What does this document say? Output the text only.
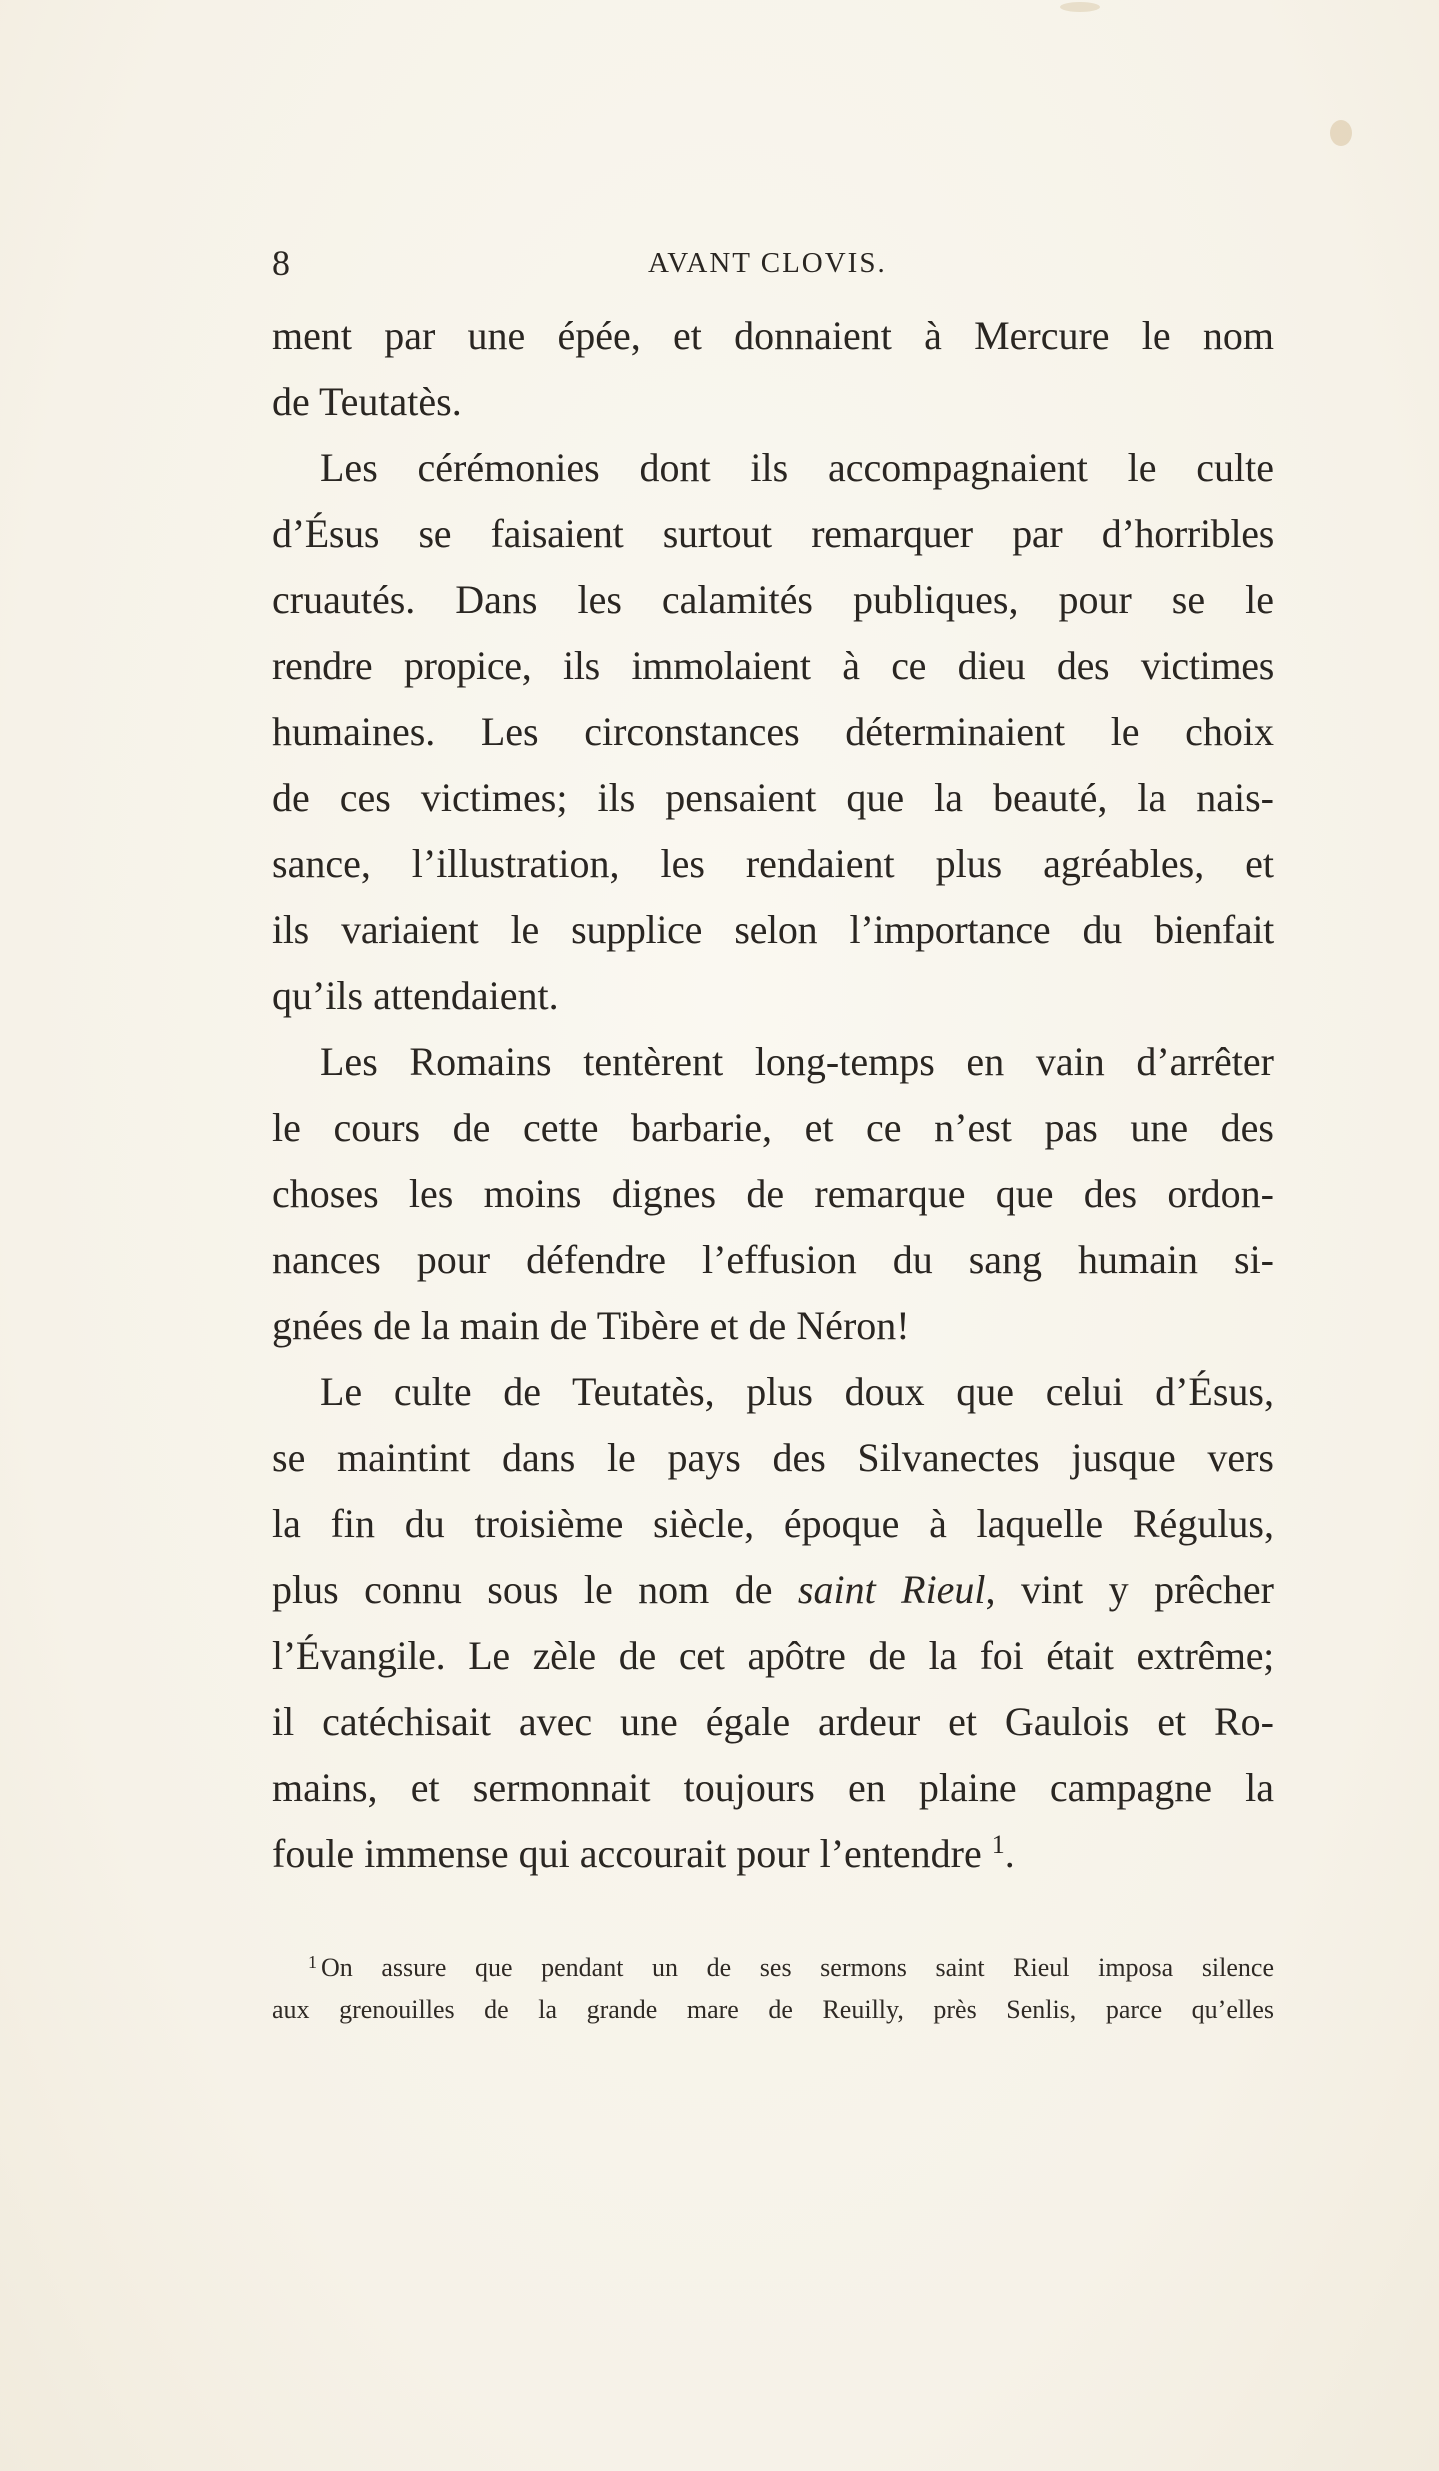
8	AVANT CLOVIS.
ment par une épée, et donnaient à Mercure le nom
de Teutatès.
Les cérémonies dont ils accompagnaient le culte
d’Ésus se faisaient surtout remarquer par d’horribles
cruautés. Dans les calamités publiques, pour se le
rendre propice, ils immolaient à ce dieu des victimes
humaines. Les circonstances déterminaient le choix
de ces victimes; ils pensaient que la beauté, la nais-
sance, l’illustration, les rendaient plus agréables, et
ils variaient le supplice selon l’importance du bienfait
qu’ils attendaient.
Les Romains tentèrent long-temps en vain d’arrêter
le cours de cette barbarie, et ce n’est pas une des
choses les moins dignes de remarque que des ordon-
nances pour défendre l’effusion du sang humain si-
gnées de la main de Tibère et de Néron!
Le culte de Teutatès, plus doux que celui d’Ésus,
se maintint dans le pays des Silvanectes jusque vers
la fin du troisième siècle, époque à laquelle Régulus,
plus connu sous le nom de saint Rieul, vint y prêcher
l’Évangile. Le zèle de cet apôtre de la foi était extrême;
il catéchisait avec une égale ardeur et Gaulois et Ro-
mains, et sermonnait toujours en plaine campagne la
foule immense qui accourait pour l’entendre $^1$.
$^1$ On assure que pendant un de ses sermons saint Rieul imposa silence
aux grenouilles de la grande mare de Reuilly, près Senlis, parce qu’elles
